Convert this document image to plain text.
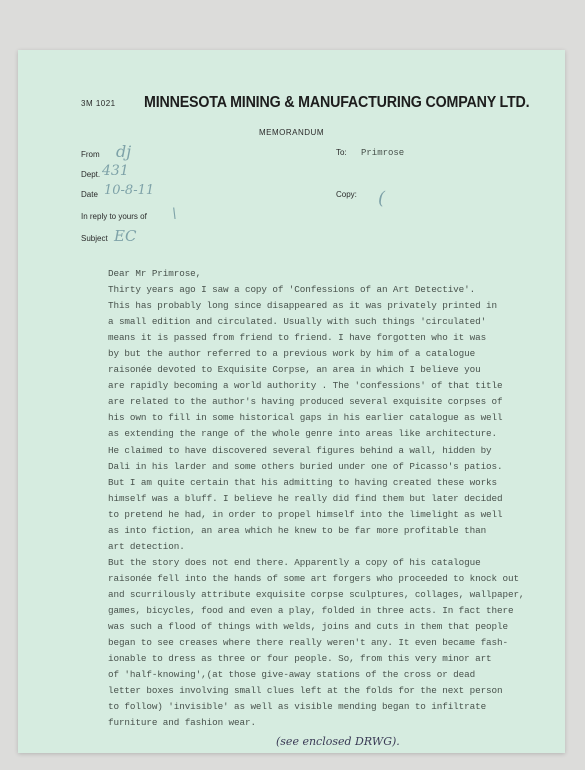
3M 1021 MINNESOTA MINING & MANUFACTURING COMPANY LTD.
MEMORANDUM
From dj	To: Primrose
Dept. 431
Date 10-8-11	Copy: (
In reply to yours of \
Subject EC
(see enclosed DRWG).
Dear Mr Primrose,
Thirty years ago I saw a copy of 'Confessions of an Art Detective'.
This has probably long since disappeared as it was privately printed in
a small edition and circulated. Usually with such things 'circulated'
means it is passed from friend to friend. I have forgotten who it was
by but the author referred to a previous work by him of a catalogue
raisonée devoted to Exquisite Corpse, an area in which I believe you
are rapidly becoming a world authority . The 'confessions' of that title
are related to the author's having produced several exquisite corpses of
his own to fill in some historical gaps in his earlier catalogue as well
as extending the range of the whole genre into areas like architecture.
He claimed to have discovered several figures behind a wall, hidden by
Dali in his larder and some others buried under one of Picasso's patios.
But I am quite certain that his admitting to having created these works
himself was a bluff. I believe he really did find them but later decided
to pretend he had, in order to propel himself into the limelight as well
as into fiction, an area which he knew to be far more profitable than
art detection.
But the story does not end there. Apparently a copy of his catalogue
raisonée fell into the hands of some art forgers who proceeded to knock out
and scurrilously attribute exquisite corpse sculptures, collages, wallpaper,
games, bicycles, food and even a play, folded in three acts. In fact there
was such a flood of things with welds, joins and cuts in them that people
began to see creases where there really weren't any. It even became fash-
ionable to dress as three or four people. So, from this very minor art
of 'half-knowing',(at those give-away stations of the cross or dead
letter boxes involving small clues left at the folds for the next person
to follow) 'invisible' as well as visible mending began to infiltrate
furniture and fashion wear.
